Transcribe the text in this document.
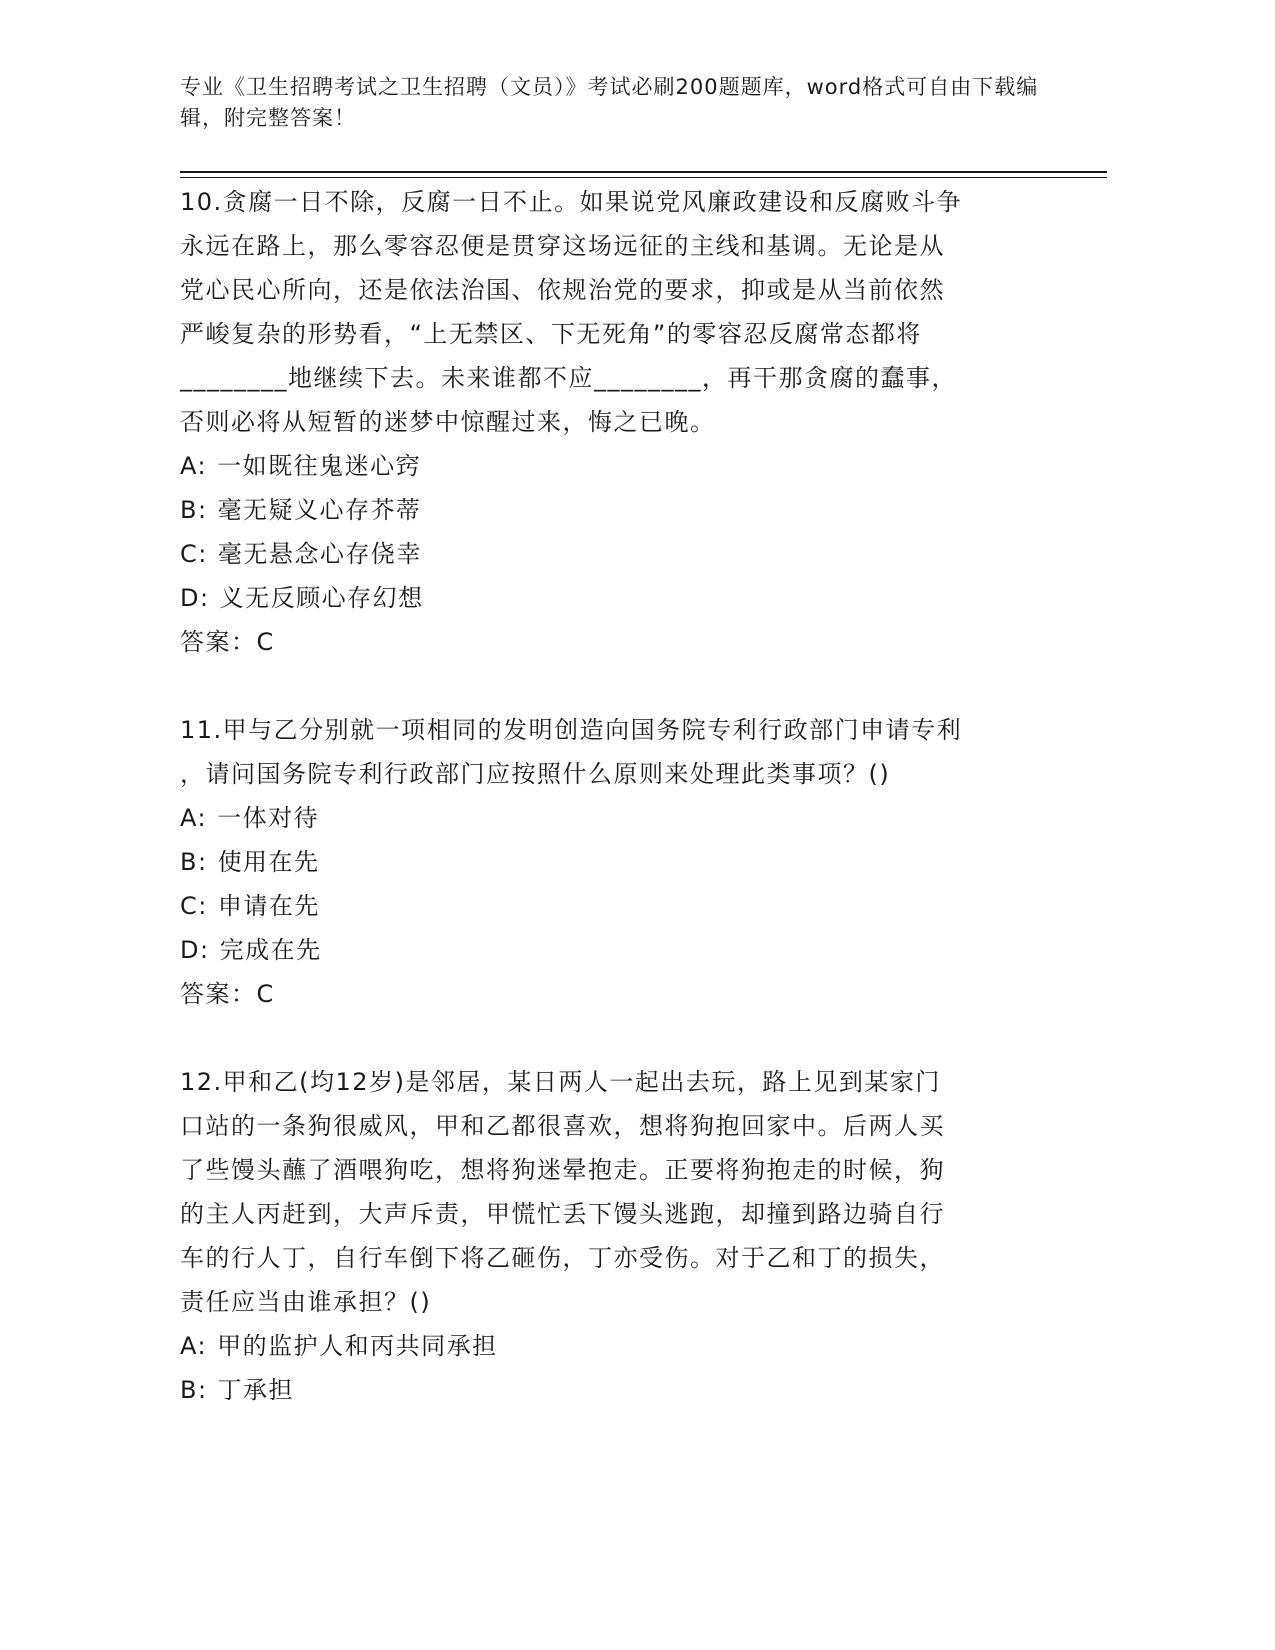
专业《卫生招聘考试之卫生招聘（文员）》考试必刷200题题库，word格式可自由下载编辑，附完整答案！

10.贪腐一日不除，反腐一日不止。如果说党风廉政建设和反腐败斗争

永远在路上，那么零容忍便是贯穿这场远征的主线和基调。无论是从

党心民心所向，还是依法治国、依规治党的要求，抑或是从当前依然

严峻复杂的形势看，“上无禁区、下无死角”的零容忍反腐常态都将

________地继续下去。未来谁都不应________，再干那贪腐的蠢事，

否则必将从短暂的迷梦中惊醒过来，悔之已晚。

A: 一如既往鬼迷心窍

B: 毫无疑义心存芥蒂

C: 毫无悬念心存侥幸

D: 义无反顾心存幻想

答案：C

11.甲与乙分别就一项相同的发明创造向国务院专利行政部门申请专利

，请问国务院专利行政部门应按照什么原则来处理此类事项？()

A: 一体对待

B: 使用在先

C: 申请在先

D: 完成在先

答案：C

12.甲和乙(均12岁)是邻居，某日两人一起出去玩，路上见到某家门

口站的一条狗很威风，甲和乙都很喜欢，想将狗抱回家中。后两人买

了些馒头蘸了酒喂狗吃，想将狗迷晕抱走。正要将狗抱走的时候，狗

的主人丙赶到，大声斥责，甲慌忙丢下馒头逃跑，却撞到路边骑自行

车的行人丁，自行车倒下将乙砸伤，丁亦受伤。对于乙和丁的损失，

责任应当由谁承担？()

A: 甲的监护人和丙共同承担

B: 丁承担
